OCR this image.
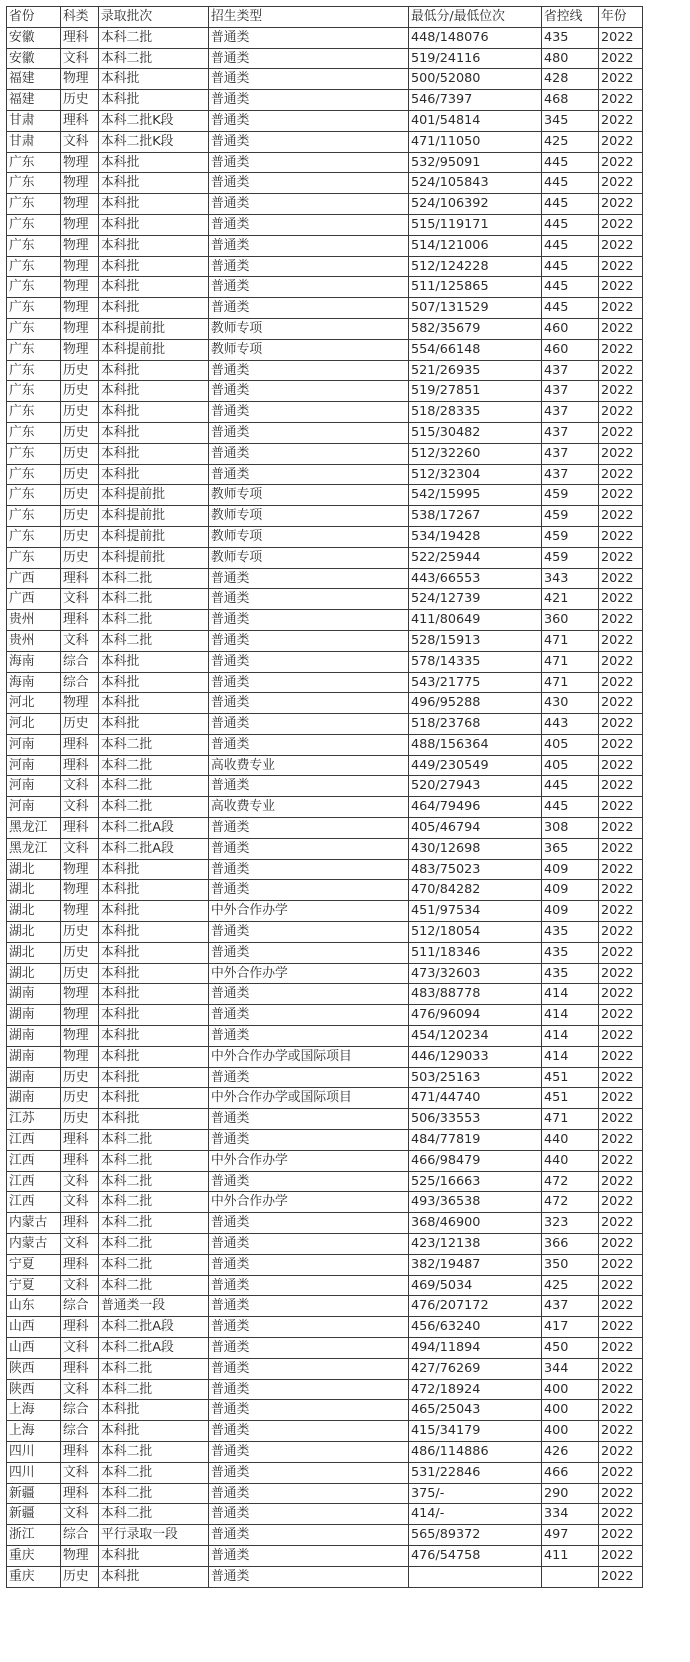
省份	科类	录取批次	招生类型	最低分/最低位次	省控线	年份
安徽	理科	本科二批	普通类	448/148076	435	2022
安徽	文科	本科二批	普通类	519/24116	480	2022
福建	物理	本科批	普通类	500/52080	428	2022
福建	历史	本科批	普通类	546/7397	468	2022
甘肃	理科	本科二批K段	普通类	401/54814	345	2022
甘肃	文科	本科二批K段	普通类	471/11050	425	2022
广东	物理	本科批	普通类	532/95091	445	2022
广东	物理	本科批	普通类	524/105843	445	2022
广东	物理	本科批	普通类	524/106392	445	2022
广东	物理	本科批	普通类	515/119171	445	2022
广东	物理	本科批	普通类	514/121006	445	2022
广东	物理	本科批	普通类	512/124228	445	2022
广东	物理	本科批	普通类	511/125865	445	2022
广东	物理	本科批	普通类	507/131529	445	2022
广东	物理	本科提前批	教师专项	582/35679	460	2022
广东	物理	本科提前批	教师专项	554/66148	460	2022
广东	历史	本科批	普通类	521/26935	437	2022
广东	历史	本科批	普通类	519/27851	437	2022
广东	历史	本科批	普通类	518/28335	437	2022
广东	历史	本科批	普通类	515/30482	437	2022
广东	历史	本科批	普通类	512/32260	437	2022
广东	历史	本科批	普通类	512/32304	437	2022
广东	历史	本科提前批	教师专项	542/15995	459	2022
广东	历史	本科提前批	教师专项	538/17267	459	2022
广东	历史	本科提前批	教师专项	534/19428	459	2022
广东	历史	本科提前批	教师专项	522/25944	459	2022
广西	理科	本科二批	普通类	443/66553	343	2022
广西	文科	本科二批	普通类	524/12739	421	2022
贵州	理科	本科二批	普通类	411/80649	360	2022
贵州	文科	本科二批	普通类	528/15913	471	2022
海南	综合	本科批	普通类	578/14335	471	2022
海南	综合	本科批	普通类	543/21775	471	2022
河北	物理	本科批	普通类	496/95288	430	2022
河北	历史	本科批	普通类	518/23768	443	2022
河南	理科	本科二批	普通类	488/156364	405	2022
河南	理科	本科二批	高收费专业	449/230549	405	2022
河南	文科	本科二批	普通类	520/27943	445	2022
河南	文科	本科二批	高收费专业	464/79496	445	2022
黑龙江	理科	本科二批A段	普通类	405/46794	308	2022
黑龙江	文科	本科二批A段	普通类	430/12698	365	2022
湖北	物理	本科批	普通类	483/75023	409	2022
湖北	物理	本科批	普通类	470/84282	409	2022
湖北	物理	本科批	中外合作办学	451/97534	409	2022
湖北	历史	本科批	普通类	512/18054	435	2022
湖北	历史	本科批	普通类	511/18346	435	2022
湖北	历史	本科批	中外合作办学	473/32603	435	2022
湖南	物理	本科批	普通类	483/88778	414	2022
湖南	物理	本科批	普通类	476/96094	414	2022
湖南	物理	本科批	普通类	454/120234	414	2022
湖南	物理	本科批	中外合作办学或国际项目	446/129033	414	2022
湖南	历史	本科批	普通类	503/25163	451	2022
湖南	历史	本科批	中外合作办学或国际项目	471/44740	451	2022
江苏	历史	本科批	普通类	506/33553	471	2022
江西	理科	本科二批	普通类	484/77819	440	2022
江西	理科	本科二批	中外合作办学	466/98479	440	2022
江西	文科	本科二批	普通类	525/16663	472	2022
江西	文科	本科二批	中外合作办学	493/36538	472	2022
内蒙古	理科	本科二批	普通类	368/46900	323	2022
内蒙古	文科	本科二批	普通类	423/12138	366	2022
宁夏	理科	本科二批	普通类	382/19487	350	2022
宁夏	文科	本科二批	普通类	469/5034	425	2022
山东	综合	普通类一段	普通类	476/207172	437	2022
山西	理科	本科二批A段	普通类	456/63240	417	2022
山西	文科	本科二批A段	普通类	494/11894	450	2022
陕西	理科	本科二批	普通类	427/76269	344	2022
陕西	文科	本科二批	普通类	472/18924	400	2022
上海	综合	本科批	普通类	465/25043	400	2022
上海	综合	本科批	普通类	415/34179	400	2022
四川	理科	本科二批	普通类	486/114886	426	2022
四川	文科	本科二批	普通类	531/22846	466	2022
新疆	理科	本科二批	普通类	375/-	290	2022
新疆	文科	本科二批	普通类	414/-	334	2022
浙江	综合	平行录取一段	普通类	565/89372	497	2022
重庆	物理	本科批	普通类	476/54758	411	2022
重庆	历史	本科批	普通类			2022
